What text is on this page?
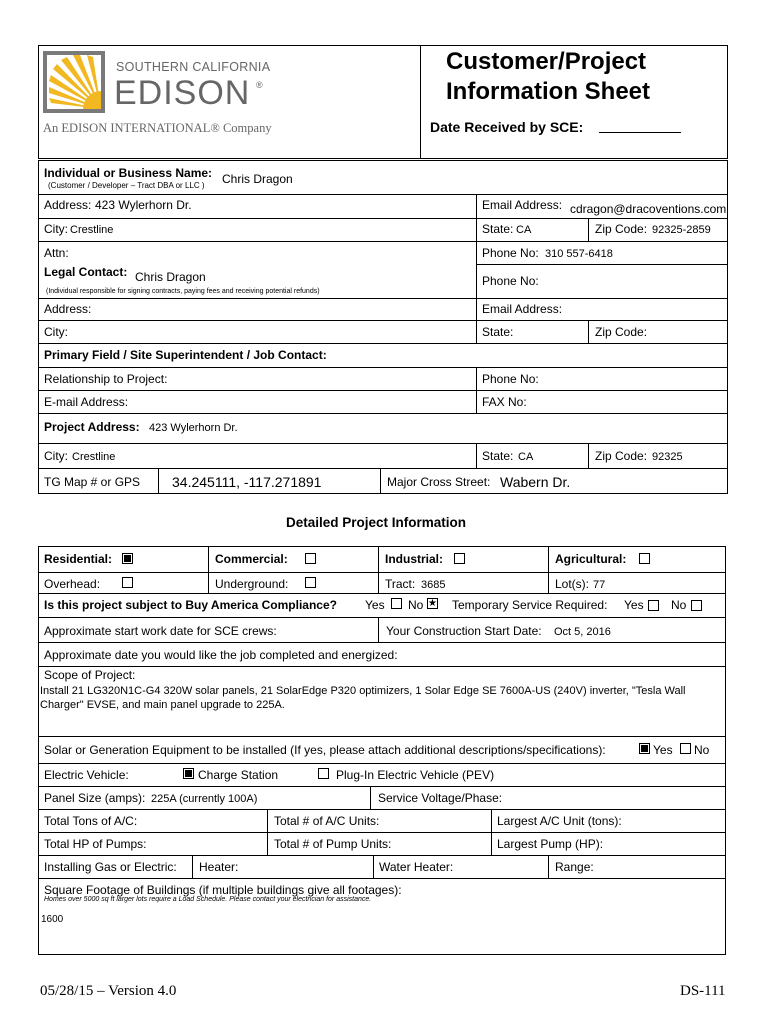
SOUTHERN CALIFORNIA
EDISON ®
An EDISON INTERNATIONAL® Company
Customer/Project
Information Sheet
Date Received by SCE:
Individual or Business Name: Chris Dragon
(Customer / Developer – Tract DBA or LLC )
Address: 423 Wylerhorn Dr.	Email Address: cdragon@dracoventions.com
City: Crestline	State: CA	Zip Code: 92325-2859
Attn:	Phone No: 310 557-6418
Legal Contact: Chris Dragon
(Individual responsible for signing contracts, paying fees and receiving potential refunds)
Phone No:
Address:	Email Address:
City:	State:	Zip Code:
Primary Field / Site Superintendent / Job Contact:
Relationship to Project:	Phone No:
E-mail Address:	FAX No:
Project Address: 423 Wylerhorn Dr.
City: Crestline	State: CA	Zip Code: 92325
TG Map # or GPS 34.245111, -117.271891	Major Cross Street: Wabern Dr.
Detailed Project Information
Residential:	Commercial:	Industrial:	Agricultural:
Overhead:	Underground:	Tract: 3685	Lot(s): 77
Is this project subject to Buy America Compliance? Yes No ★ Temporary Service Required: Yes No
Approximate start work date for SCE crews:	Your Construction Start Date: Oct 5, 2016
Approximate date you would like the job completed and energized:
Scope of Project:
Install 21 LG320N1C-G4 320W solar panels, 21 SolarEdge P320 optimizers, 1 Solar Edge SE 7600A-US (240V) inverter, "Tesla Wall Charger" EVSE, and main panel upgrade to 225A.
Solar or Generation Equipment to be installed (If yes, please attach additional descriptions/specifications):	Yes No
Electric Vehicle:	Charge Station	Plug-In Electric Vehicle (PEV)
Panel Size (amps): 225A (currently 100A)	Service Voltage/Phase:
Total Tons of A/C:	Total # of A/C Units:	Largest A/C Unit (tons):
Total HP of Pumps:	Total # of Pump Units:	Largest Pump (HP):
Installing Gas or Electric: Heater:	Water Heater:	Range:
Square Footage of Buildings (if multiple buildings give all footages):
Homes over 5000 sq ft larger lots require a Load Schedule. Please contact your electrician for assistance.
1600
05/28/15 – Version 4.0	DS-111
